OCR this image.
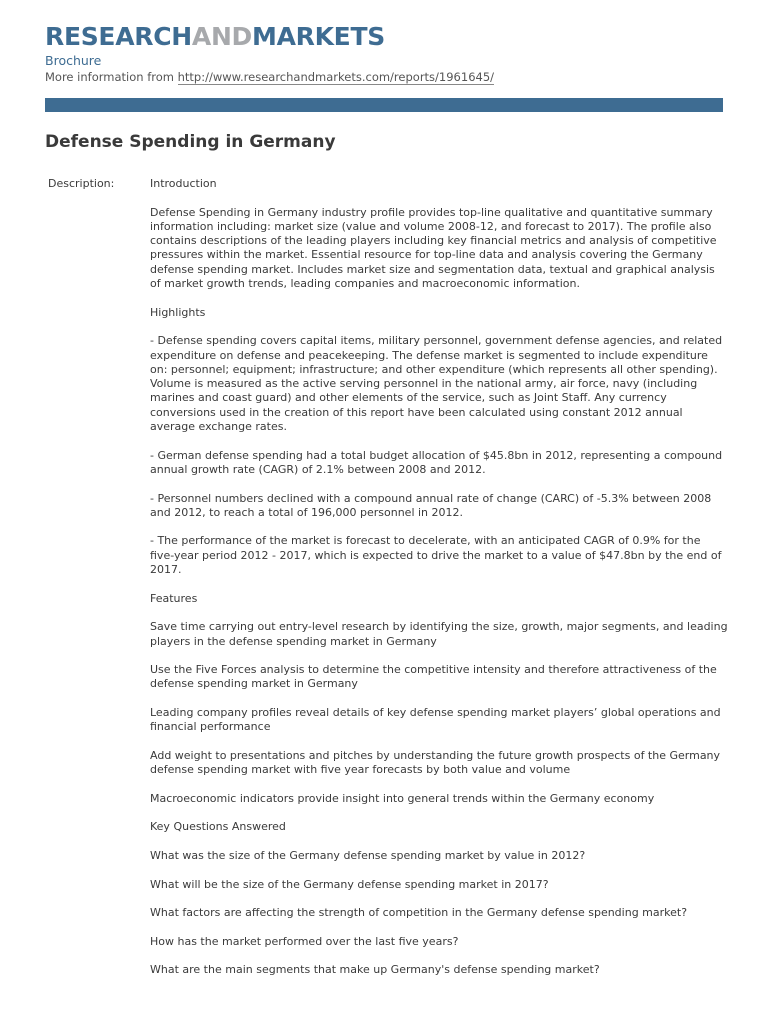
RESEARCHANDMARKETS
Brochure
More information from http://www.researchandmarkets.com/reports/1961645/
Defense Spending in Germany
Description:	Introduction

Defense Spending in Germany industry profile provides top-line qualitative and quantitative summary information including: market size (value and volume 2008-12, and forecast to 2017). The profile also contains descriptions of the leading players including key financial metrics and analysis of competitive pressures within the market. Essential resource for top-line data and analysis covering the Germany defense spending market. Includes market size and segmentation data, textual and graphical analysis of market growth trends, leading companies and macroeconomic information.

Highlights

- Defense spending covers capital items, military personnel, government defense agencies, and related expenditure on defense and peacekeeping. The defense market is segmented to include expenditure on: personnel; equipment; infrastructure; and other expenditure (which represents all other spending). Volume is measured as the active serving personnel in the national army, air force, navy (including marines and coast guard) and other elements of the service, such as Joint Staff. Any currency conversions used in the creation of this report have been calculated using constant 2012 annual average exchange rates.

- German defense spending had a total budget allocation of $45.8bn in 2012, representing a compound annual growth rate (CAGR) of 2.1% between 2008 and 2012.

- Personnel numbers declined with a compound annual rate of change (CARC) of -5.3% between 2008 and 2012, to reach a total of 196,000 personnel in 2012.

- The performance of the market is forecast to decelerate, with an anticipated CAGR of 0.9% for the five-year period 2012 - 2017, which is expected to drive the market to a value of $47.8bn by the end of 2017.

Features

Save time carrying out entry-level research by identifying the size, growth, major segments, and leading players in the defense spending market in Germany

Use the Five Forces analysis to determine the competitive intensity and therefore attractiveness of the defense spending market in Germany

Leading company profiles reveal details of key defense spending market players’ global operations and financial performance

Add weight to presentations and pitches by understanding the future growth prospects of the Germany defense spending market with five year forecasts by both value and volume

Macroeconomic indicators provide insight into general trends within the Germany economy

Key Questions Answered

What was the size of the Germany defense spending market by value in 2012?

What will be the size of the Germany defense spending market in 2017?

What factors are affecting the strength of competition in the Germany defense spending market?

How has the market performed over the last five years?

What are the main segments that make up Germany's defense spending market?
